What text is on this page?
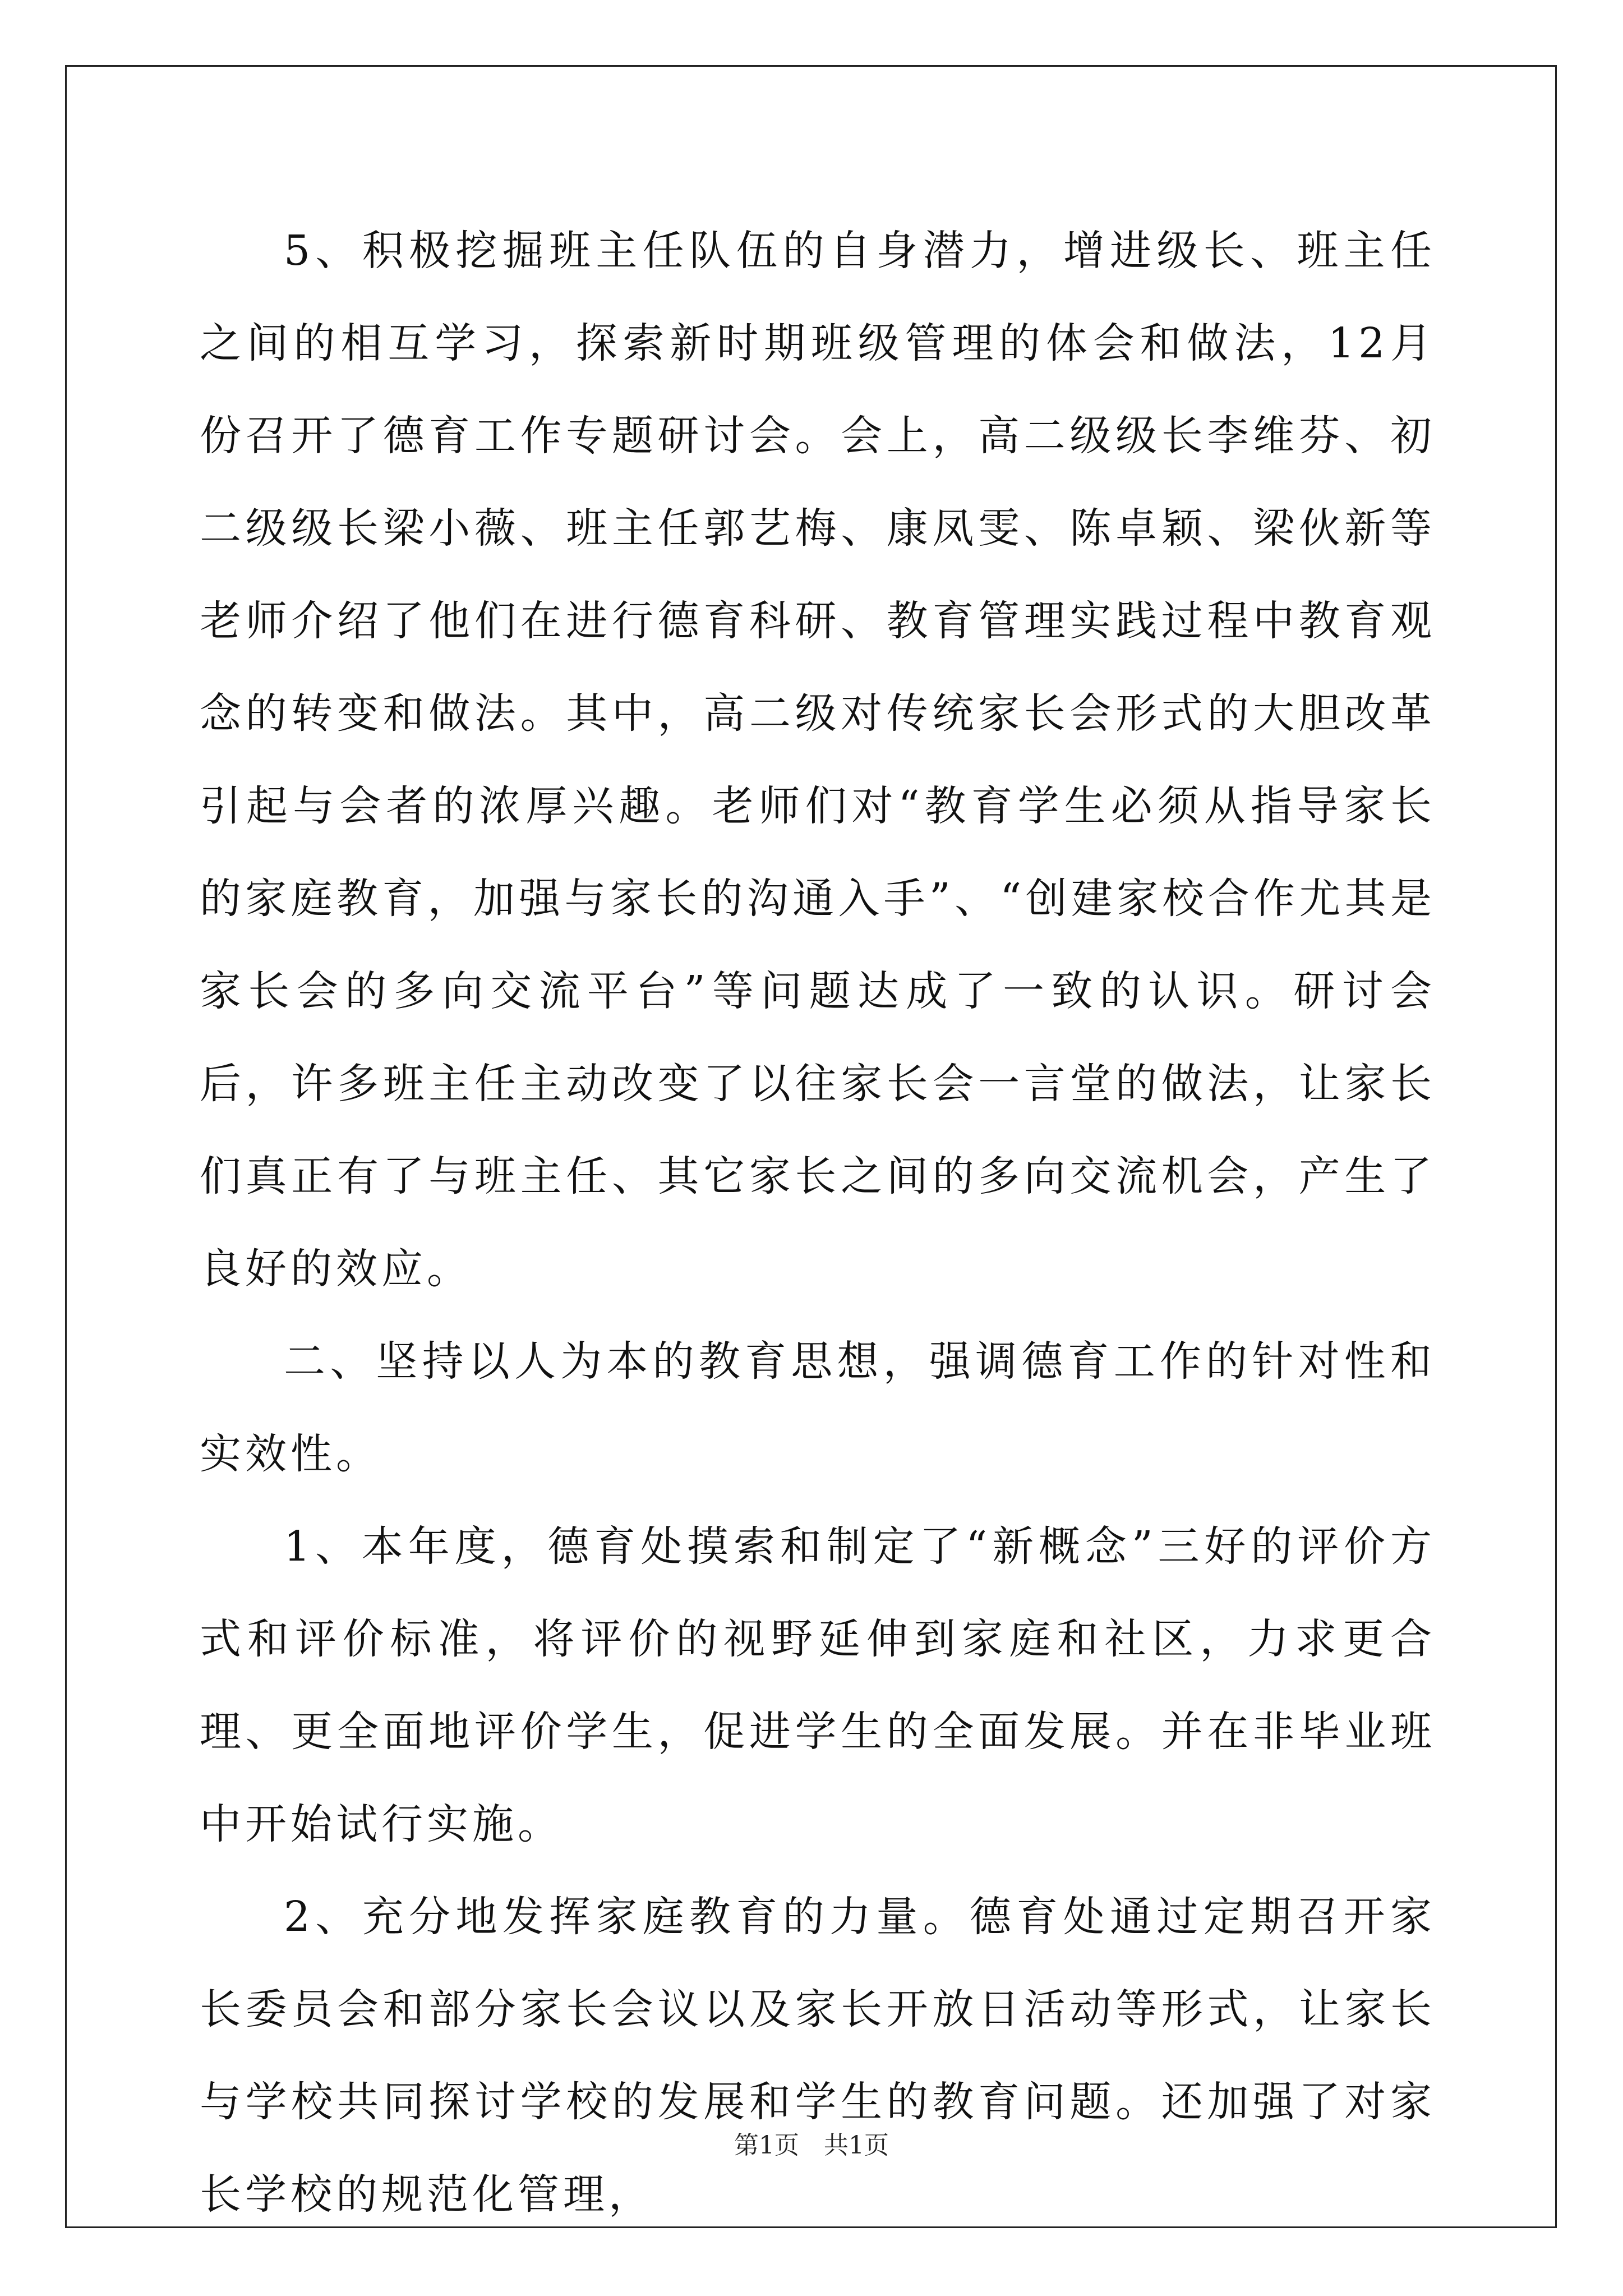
5、积极挖掘班主任队伍的自身潜力，增进级长、班主任之间的相互学习，探索新时期班级管理的体会和做法，12月份召开了德育工作专题研讨会。会上，高二级级长李维芬、初二级级长梁小薇、班主任郭艺梅、康凤雯、陈卓颖、梁伙新等老师介绍了他们在进行德育科研、教育管理实践过程中教育观念的转变和做法。其中，高二级对传统家长会形式的大胆改革引起与会者的浓厚兴趣。老师们对“教育学生必须从指导家长的家庭教育，加强与家长的沟通入手”、“创建家校合作尤其是家长会的多向交流平台”等问题达成了一致的认识。研讨会后，许多班主任主动改变了以往家长会一言堂的做法，让家长们真正有了与班主任、其它家长之间的多向交流机会，产生了良好的效应。

二、坚持以人为本的教育思想，强调德育工作的针对性和实效性。

1、本年度，德育处摸索和制定了“新概念”三好的评价方式和评价标准，将评价的视野延伸到家庭和社区，力求更合理、更全面地评价学生，促进学生的全面发展。并在非毕业班中开始试行实施。

2、充分地发挥家庭教育的力量。德育处通过定期召开家长委员会和部分家长会议以及家长开放日活动等形式，让家长与学校共同探讨学校的发展和学生的教育问题。还加强了对家长学校的规范化管理，

第1页 共1页
